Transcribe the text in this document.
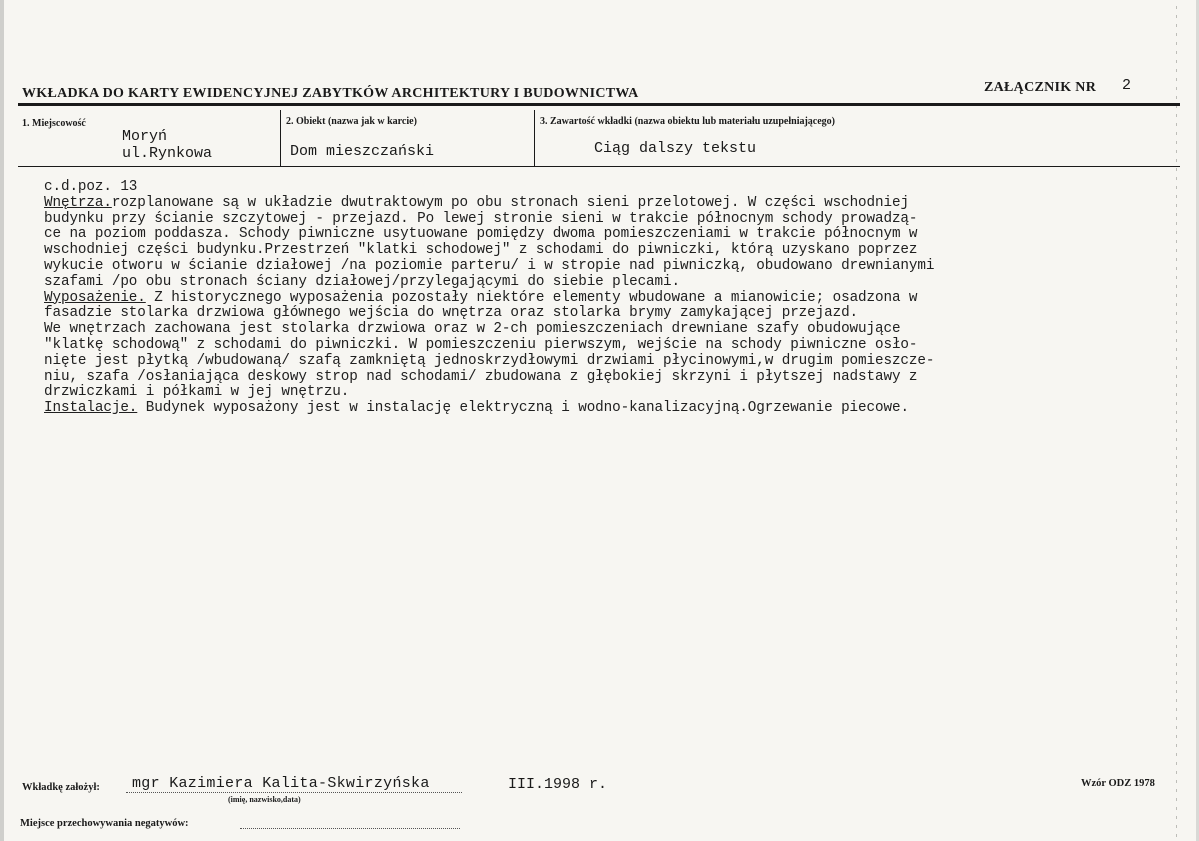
WKŁADKA DO KARTY EWIDENCYJNEJ ZABYTKÓW ARCHITEKTURY I BUDOWNICTWA	ZAŁĄCZNIK NR 2
1. Miejscowość
Moryń
ul.Rynkowa
2. Obiekt (nazwa jak w karcie)
Dom mieszczański
3. Zawartość wkładki (nazwa obiektu lub materiału uzupełniającego)
Ciąg dalszy tekstu
c.d.poz. 13
Wnętrza.rozplanowane są w układzie dwutraktowym po obu stronach sieni przelotowej. W części wschodniej
budynku przy ścianie szczytowej - przejazd. Po lewej stronie sieni w trakcie północnym schody prowadzą-
ce na poziom poddasza. Schody piwniczne usytuowane pomiędzy dwoma pomieszczeniami w trakcie północnym w
wschodniej części budynku.Przestrzeń "klatki schodowej" z schodami do piwniczki, którą uzyskano poprzez
wykucie otworu w ścianie działowej /na poziomie parteru/ i w stropie nad piwniczką, obudowano drewnianymi
szafami /po obu stronach ściany działowej/przylegającymi do siebie plecami.
Wyposażenie. Z historycznego wyposażenia pozostały niektóre elementy wbudowane a mianowicie; osadzona w
fasadzie stolarka drzwiowa głównego wejścia do wnętrza oraz stolarka brymy zamykającej przejazd.
We wnętrzach zachowana jest stolarka drzwiowa oraz w 2-ch pomieszczeniach drewniane szafy obudowujące
"klatkę schodową" z schodami do piwniczki. W pomieszczeniu pierwszym, wejście na schody piwniczne osło-
nięte jest płytką /wbudowaną/ szafą zamkniętą jednoskrzydłowymi drzwiami płycinowymi,w drugim pomieszcze-
niu, szafa /osłaniająca deskowy strop nad schodami/ zbudowana z głębokiej skrzyni i płytszej nadstawy z
drzwiczkami i półkami w jej wnętrzu.
Instalacje. Budynek wyposażony jest w instalację elektryczną i wodno-kanalizacyjną.Ogrzewanie piecowe.
Wkładkę założył: mgr Kazimiera Kalita-Skwirzyńska
(imię, nazwisko,data)
III.1998 r.	Wzór ODZ 1978
Miejsce przechowywania negatywów:
